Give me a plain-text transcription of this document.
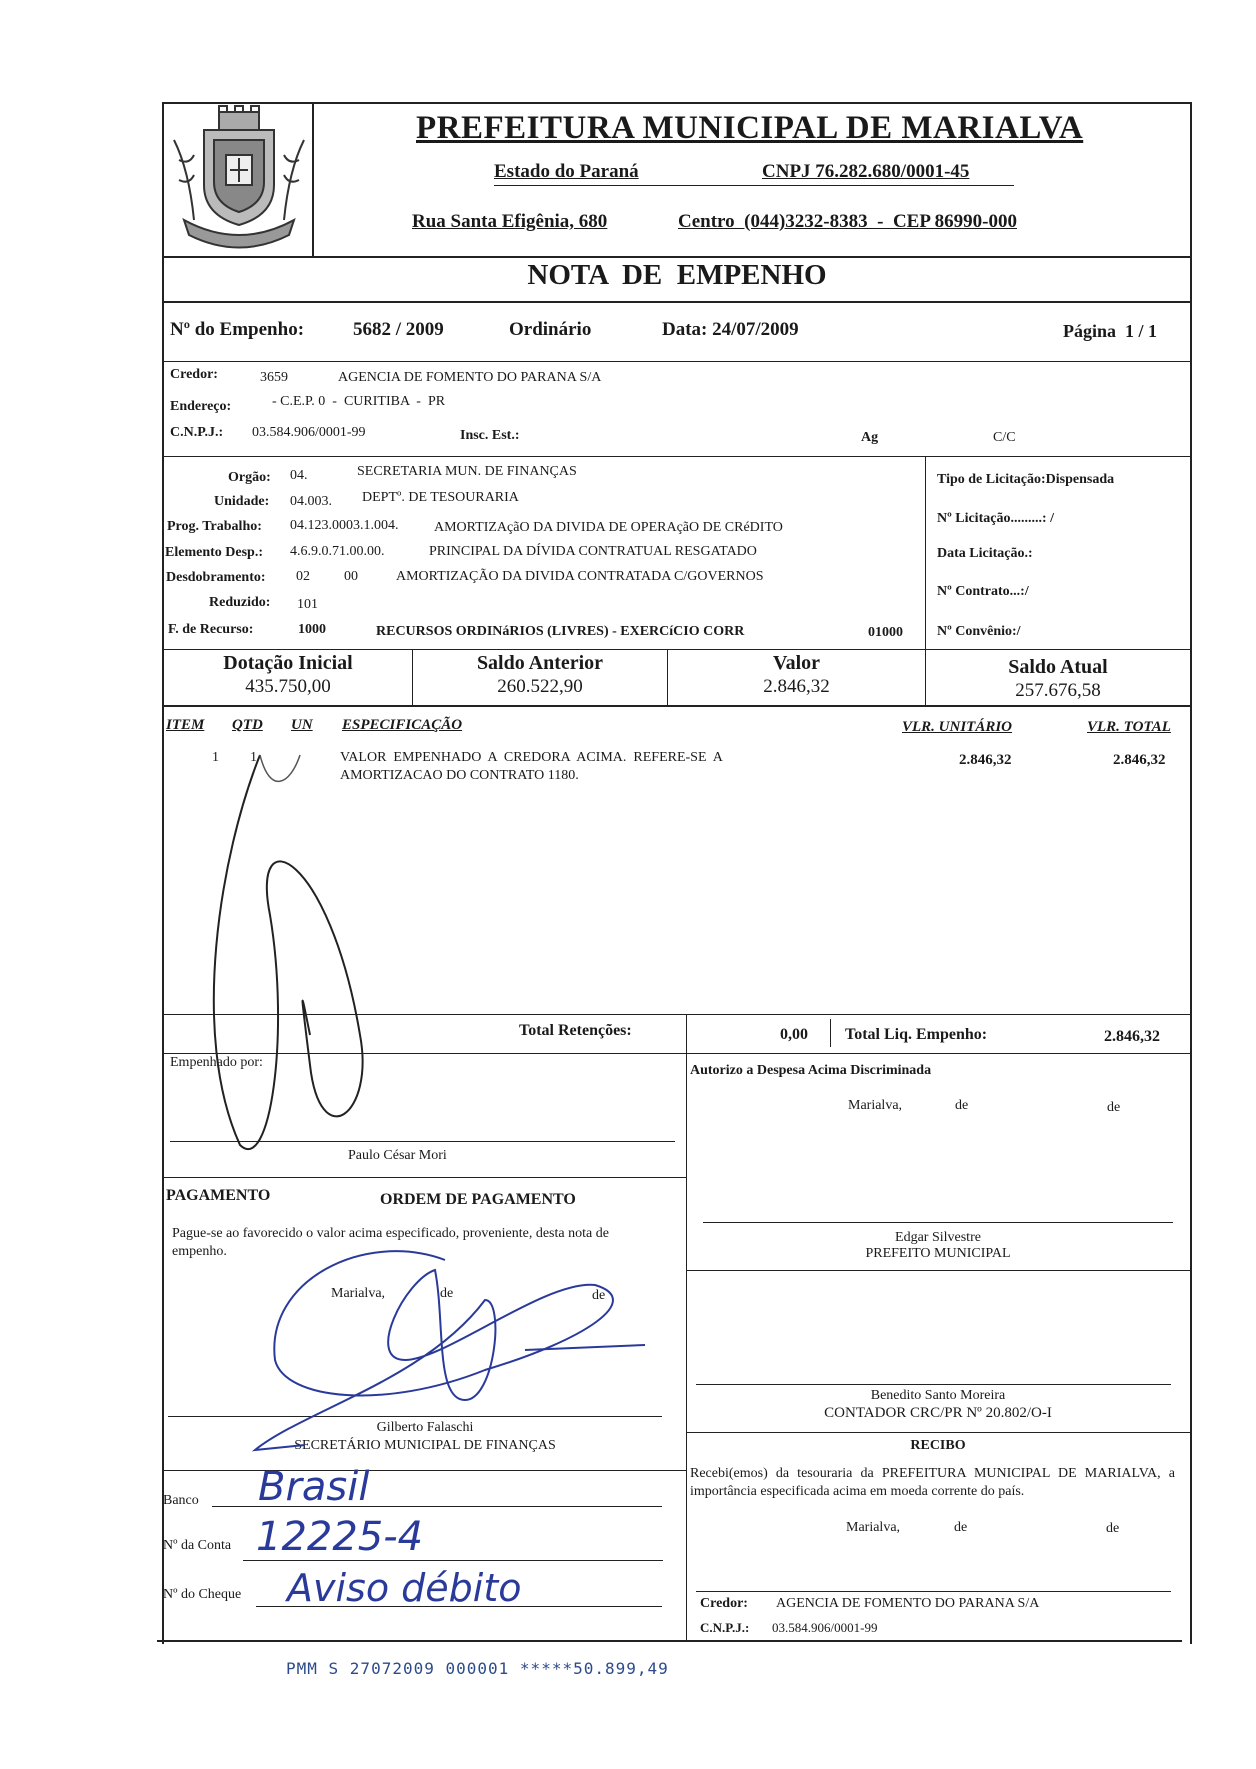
PREFEITURA MUNICIPAL DE MARIALVA
Estado do Paraná	CNPJ 76.282.680/0001-45
Rua Santa Efigênia, 680	Centro  (044)3232-8383  -  CEP 86990-000
NOTA  DE  EMPENHO
Nº do Empenho:	5682 / 2009	Ordinário	Data: 24/07/2009	Página  1 / 1
Credor:	3659	AGENCIA DE FOMENTO DO PARANA S/A
Endereço:	- C.E.P. 0  -  CURITIBA  -  PR
C.N.P.J.: 03.584.906/0001-99	Insc. Est.:	Ag	C/C
Orgão: 04.	SECRETARIA MUN. DE FINANÇAS
Unidade: 04.003. DEPTº. DE TESOURARIA
Prog. Trabalho: 04.123.0003.1.004.	AMORTIZAçãO DA DIVIDA DE OPERAçãO DE CRéDITO
Elemento Desp.: 4.6.9.0.71.00.00.	PRINCIPAL DA DÍVIDA CONTRATUAL RESGATADO
Desdobramento: 02 00	AMORTIZAÇÃO DA DIVIDA CONTRATADA C/GOVERNOS
Reduzido: 101
F. de Recurso:	1000	RECURSOS ORDINáRIOS (LIVRES) - EXERCíCIO CORR	01000
Tipo de Licitação:Dispensada
Nº Licitação.........: /
Data Licitação.:
Nº Contrato...:/
Nº Convênio:/
Dotação Inicial
435.750,00
Saldo Anterior
260.522,90
Valor
2.846,32
Saldo Atual
257.676,58
ITEM QTD UN ESPECIFICAÇÃO	VLR. UNITÁRIO	VLR. TOTAL
1 1	VALOR  EMPENHADO  A  CREDORA  ACIMA.  REFERE-SE  A
AMORTIZACAO DO CONTRATO 1180.
2.846,32	2.846,32
Total Retenções:	0,00 Total Liq. Empenho:	2.846,32
Empenhado por:
Paulo César Mori
Autorizo a Despesa Acima Discriminada
Marialva,	de	de
Edgar Silvestre
PREFEITO MUNICIPAL
PAGAMENTO	ORDEM DE PAGAMENTO
Pague-se ao favorecido o valor acima especificado, proveniente, desta nota de empenho.
Marialva,	de	de
Gilberto Falaschi
SECRETÁRIO MUNICIPAL DE FINANÇAS
Benedito Santo Moreira
CONTADOR CRC/PR Nº 20.802/O-I
RECIBO
Recebi(emos) da tesouraria da PREFEITURA MUNICIPAL DE MARIALVA, a importância especificada acima em moeda corrente do país.
Marialva,	de	de
Credor: AGENCIA DE FOMENTO DO PARANA S/A
C.N.P.J.: 03.584.906/0001-99
Banco Brasil
Nº da Conta 12225-4
Nº do Cheque Aviso débito
PMM S 27072009 000001 *****50.899,49
